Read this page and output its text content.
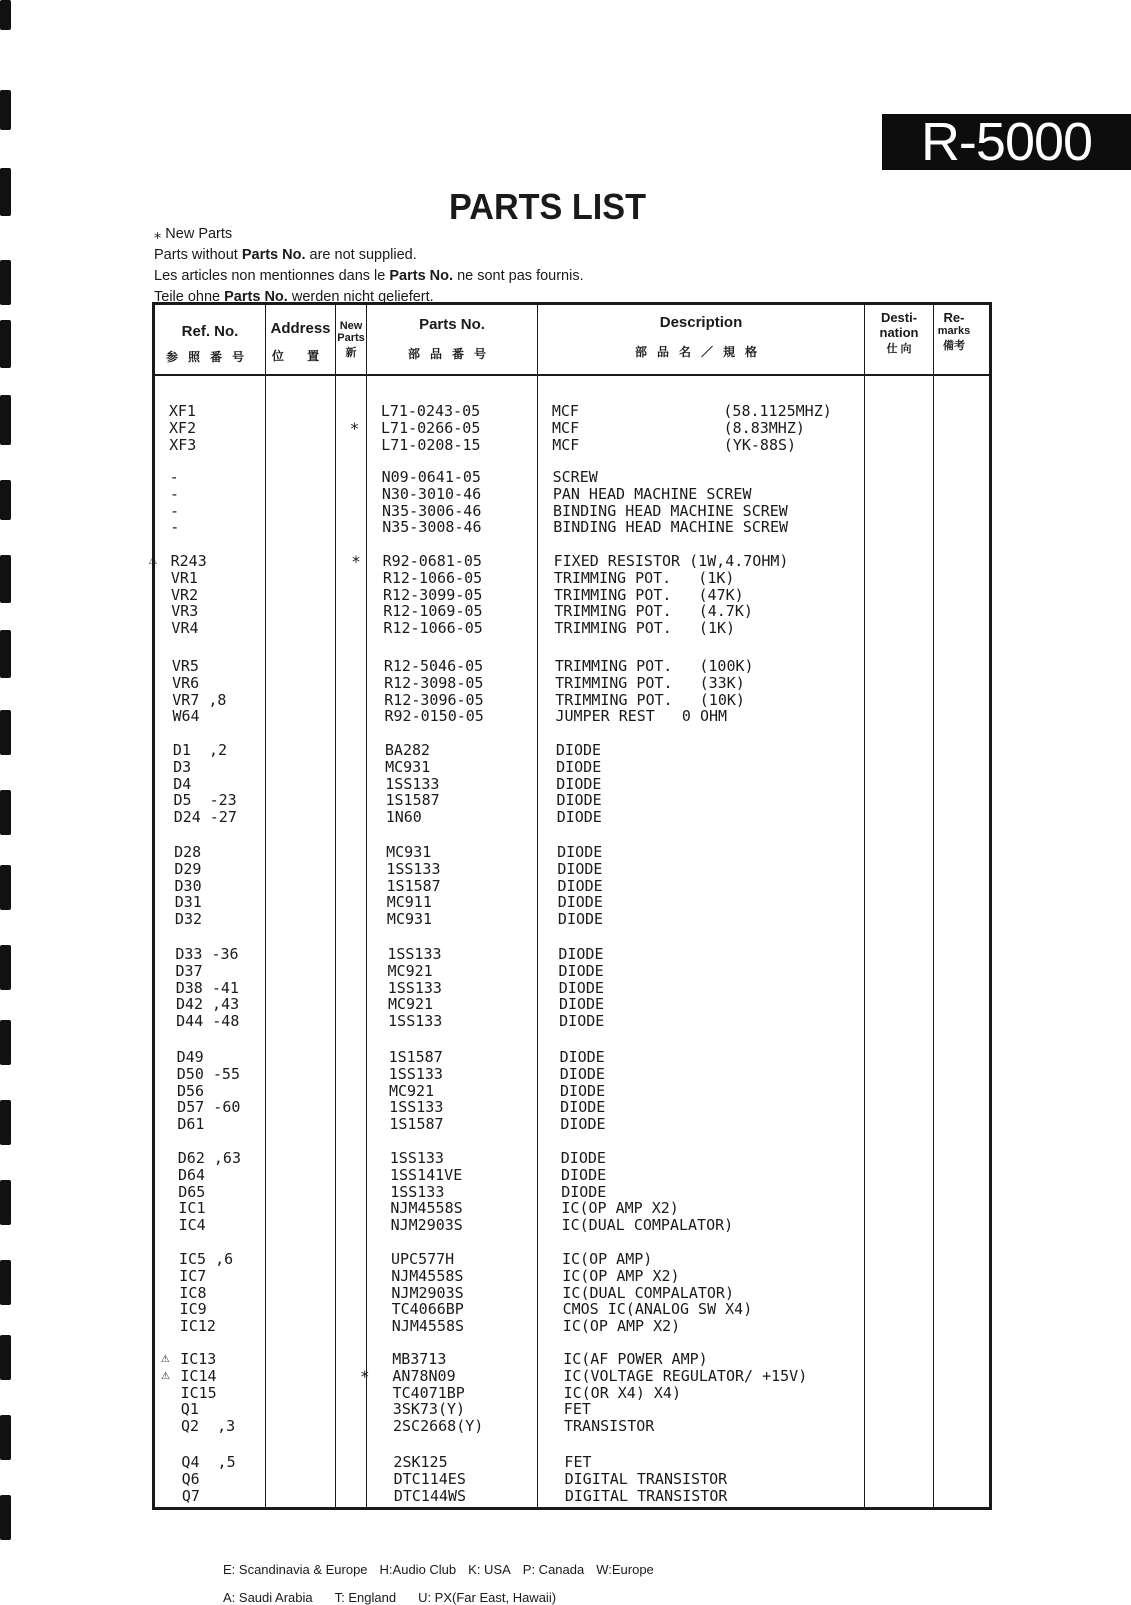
R-5000
PARTS LIST
⁎ New Parts
Parts without Parts No. are not supplied.
Les articles non mentionnes dans le Parts No. ne sont pas fournis.
Teile ohne Parts No. werden nicht geliefert.
Ref. No.
参照番号
Address
位 置
New
Parts
新
Parts No.
部品番号
Description
部品名／規格
Desti-
nation
仕 向
Re-
marks
備考
XF1	L71-0243-05	MCF                (58.1125MHZ)
XF2	* L71-0266-05	MCF                (8.83MHZ)
XF3	L71-0208-15	MCF                (YK-88S)
-	N09-0641-05	SCREW
-	N30-3010-46	PAN HEAD MACHINE SCREW
-	N35-3006-46	BINDING HEAD MACHINE SCREW
-	N35-3008-46	BINDING HEAD MACHINE SCREW
R243	* R92-0681-05	FIXED RESISTOR (1W,4.7OHM)
⚠
VR1	R12-1066-05	TRIMMING POT.   (1K)
VR2	R12-3099-05	TRIMMING POT.   (47K)
VR3	R12-1069-05	TRIMMING POT.   (4.7K)
VR4	R12-1066-05	TRIMMING POT.   (1K)
VR5	R12-5046-05	TRIMMING POT.   (100K)
VR6	R12-3098-05	TRIMMING POT.   (33K)
VR7 ,8	R12-3096-05	TRIMMING POT.   (10K)
W64	R92-0150-05	JUMPER REST   0 OHM
D1  ,2	BA282	DIODE
D3	MC931	DIODE
D4	1SS133	DIODE
D5  -23	1S1587	DIODE
D24 -27	1N60	DIODE
D28	MC931	DIODE
D29	1SS133	DIODE
D30	1S1587	DIODE
D31	MC911	DIODE
D32	MC931	DIODE
D33 -36	1SS133	DIODE
D37	MC921	DIODE
D38 -41	1SS133	DIODE
D42 ,43	MC921	DIODE
D44 -48	1SS133	DIODE
D49	1S1587	DIODE
D50 -55	1SS133	DIODE
D56	MC921	DIODE
D57 -60	1SS133	DIODE
D61	1S1587	DIODE
D62 ,63	1SS133	DIODE
D64	1SS141VE	DIODE
D65	1SS133	DIODE
IC1	NJM4558S	IC(OP AMP X2)
IC4	NJM2903S	IC(DUAL COMPALATOR)
IC5 ,6	UPC577H	IC(OP AMP)
IC7	NJM4558S	IC(OP AMP X2)
IC8	NJM2903S	IC(DUAL COMPALATOR)
IC9	TC4066BP	CMOS IC(ANALOG SW X4)
IC12	NJM4558S	IC(OP AMP X2)
IC13	MB3713	IC(AF POWER AMP)
⚠
IC14	* AN78N09	IC(VOLTAGE REGULATOR/ +15V)
⚠
IC15	TC4071BP	IC(OR X4) X4)
Q1	3SK73(Y)	FET
Q2  ,3	2SC2668(Y)	TRANSISTOR
Q4  ,5	2SK125	FET
Q6	DTC114ES	DIGITAL TRANSISTOR
Q7	DTC144WS	DIGITAL TRANSISTOR
E: Scandinavia & Europe H:Audio Club K: USA P: Canada W:Europe
A: Saudi Arabia T: England U: PX(Far East, Hawaii)
